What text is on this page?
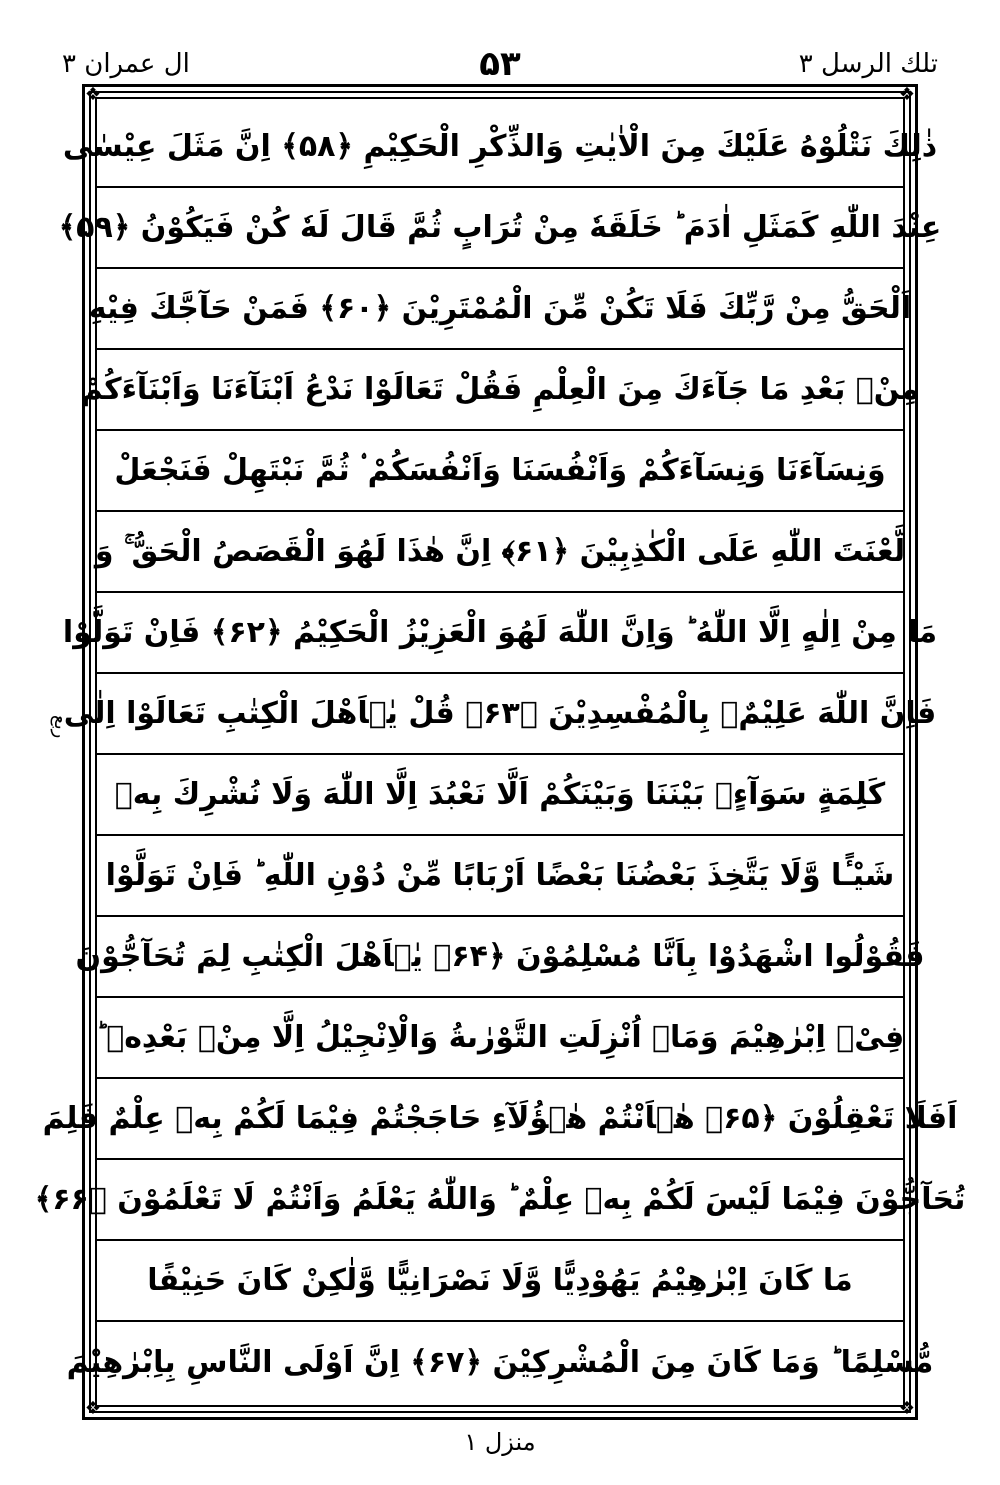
تلك الرسل ۳
۵۳
ال عمران ۳
❖	❖
❖	❖
ربع
ذٰلِكَ نَتْلُوْهُ عَلَيْكَ مِنَ الْاٰيٰتِ وَالذِّكْرِ الْحَكِيْمِ ﴿۵۸﴾ اِنَّ مَثَلَ عِيْسٰى
عِنْدَ اللّٰهِ كَمَثَلِ اٰدَمَ ؕ خَلَقَهٗ مِنْ تُرَابٍ ثُمَّ قَالَ لَهٗ كُنْ فَيَكُوْنُ ﴿۵۹﴾
اَلْحَقُّ مِنْ رَّبِّكَ فَلَا تَكُنْ مِّنَ الْمُمْتَرِيْنَ ﴿۶۰﴾ فَمَنْ حَآجَّكَ فِيْهِ
مِنْۢ بَعْدِ مَا جَآءَكَ مِنَ الْعِلْمِ فَقُلْ تَعَالَوْا نَدْعُ اَبْنَآءَنَا وَاَبْنَآءَكُمْ
وَنِسَآءَنَا وَنِسَآءَكُمْ وَاَنْفُسَنَا وَاَنْفُسَكُمْ ۟ ثُمَّ نَبْتَهِلْ فَنَجْعَلْ
لَّعْنَتَ اللّٰهِ عَلَى الْكٰذِبِيْنَ ﴿۶۱﴾ اِنَّ هٰذَا لَهُوَ الْقَصَصُ الْحَقُّ ۚ وَ
مَا مِنْ اِلٰهٍ اِلَّا اللّٰهُ ؕ وَاِنَّ اللّٰهَ لَهُوَ الْعَزِيْزُ الْحَكِيْمُ ﴿۶۲﴾ فَاِنْ تَوَلَّوْا
فَاِنَّ اللّٰهَ عَلِيْمٌۢ بِالْمُفْسِدِيْنَ ﴿۶۳﴾ قُلْ يٰۤاَهْلَ الْكِتٰبِ تَعَالَوْا اِلٰى
كَلِمَةٍ سَوَآءٍۢ بَيْنَنَا وَبَيْنَكُمْ اَلَّا نَعْبُدَ اِلَّا اللّٰهَ وَلَا نُشْرِكَ بِهٖ
شَيْـًٔا وَّلَا يَتَّخِذَ بَعْضُنَا بَعْضًا اَرْبَابًا مِّنْ دُوْنِ اللّٰهِ ؕ فَاِنْ تَوَلَّوْا
فَقُوْلُوا اشْهَدُوْا بِاَنَّا مُسْلِمُوْنَ ﴿۶۴﴾ يٰۤاَهْلَ الْكِتٰبِ لِمَ تُحَآجُّوْنَ
فِىْۤ اِبْرٰهِيْمَ وَمَاۤ اُنْزِلَتِ التَّوْرٰىةُ وَالْاِنْجِيْلُ اِلَّا مِنْۢ بَعْدِهٖ ؕ
اَفَلَا تَعْقِلُوْنَ ﴿۶۵﴾ هٰۤاَنْتُمْ هٰۤؤُلَآءِ حَاجَجْتُمْ فِيْمَا لَكُمْ بِهٖ عِلْمٌ فَلِمَ
تُحَآجُّوْنَ فِيْمَا لَيْسَ لَكُمْ بِهٖ عِلْمٌ ؕ وَاللّٰهُ يَعْلَمُ وَاَنْتُمْ لَا تَعْلَمُوْنَ ﴿۶۶﴾
مَا كَانَ اِبْرٰهِيْمُ يَهُوْدِيًّا وَّلَا نَصْرَانِيًّا وَّلٰكِنْ كَانَ حَنِيْفًا
مُّسْلِمًا ؕ وَمَا كَانَ مِنَ الْمُشْرِكِيْنَ ﴿۶۷﴾ اِنَّ اَوْلَى النَّاسِ بِاِبْرٰهِيْمَ
منزل ۱
